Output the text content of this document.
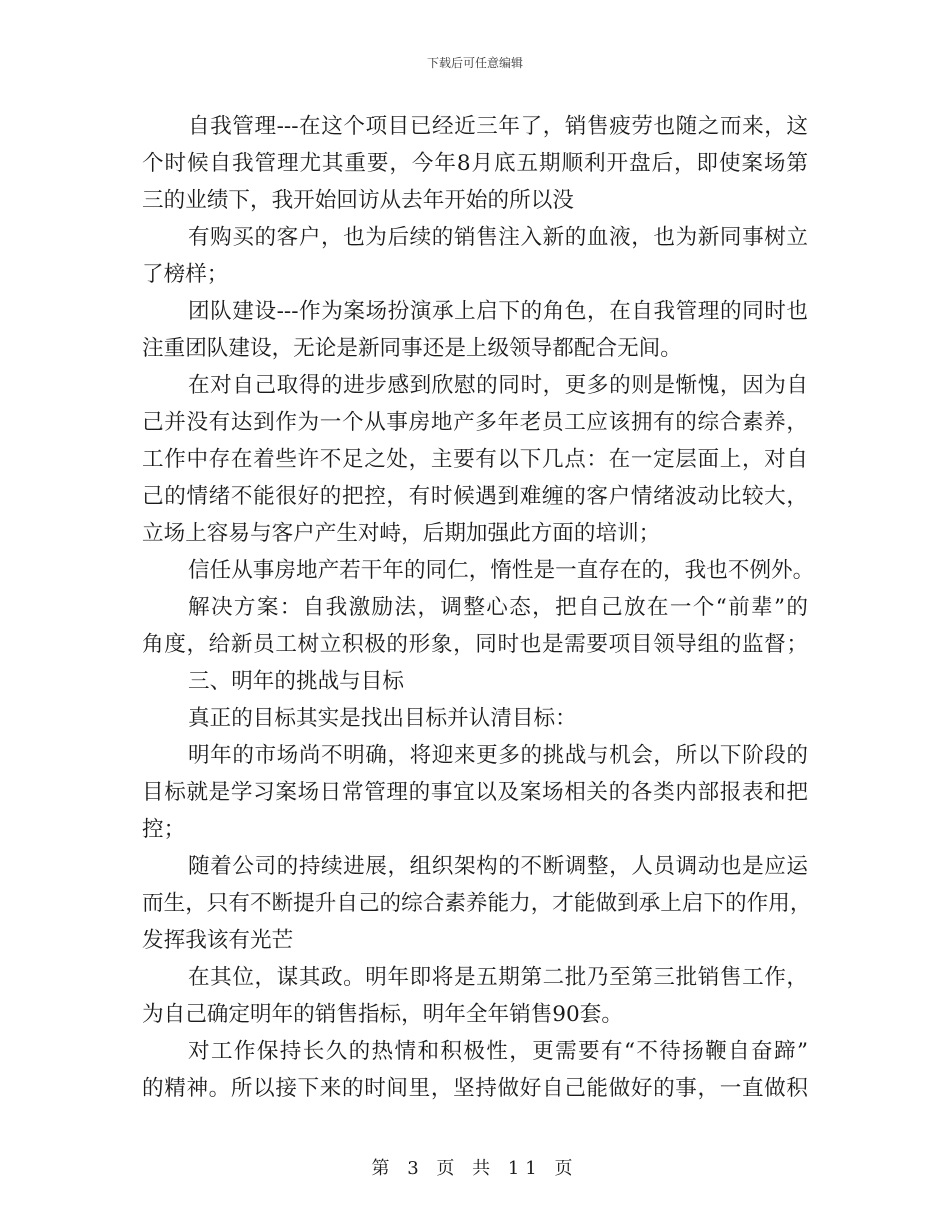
下载后可任意编辑
自我管理---在这个项目已经近三年了，销售疲劳也随之而来，这
个时候自我管理尤其重要，今年8月底五期顺利开盘后，即使案场第
三的业绩下，我开始回访从去年开始的所以没
有购买的客户，也为后续的销售注入新的血液，也为新同事树立
了榜样；
团队建设---作为案场扮演承上启下的角色，在自我管理的同时也
注重团队建设，无论是新同事还是上级领导都配合无间。
在对自己取得的进步感到欣慰的同时，更多的则是惭愧，因为自
己并没有达到作为一个从事房地产多年老员工应该拥有的综合素养，
工作中存在着些许不足之处，主要有以下几点：在一定层面上，对自
己的情绪不能很好的把控，有时候遇到难缠的客户情绪波动比较大，
立场上容易与客户产生对峙，后期加强此方面的培训；
信任从事房地产若干年的同仁，惰性是一直存在的，我也不例外。
解决方案：自我激励法，调整心态，把自己放在一个“前辈”的
角度，给新员工树立积极的形象，同时也是需要项目领导组的监督；
三、明年的挑战与目标
真正的目标其实是找出目标并认清目标：
明年的市场尚不明确，将迎来更多的挑战与机会，所以下阶段的
目标就是学习案场日常管理的事宜以及案场相关的各类内部报表和把
控；
随着公司的持续进展，组织架构的不断调整，人员调动也是应运
而生，只有不断提升自己的综合素养能力，才能做到承上启下的作用，
发挥我该有光芒
在其位，谋其政。明年即将是五期第二批乃至第三批销售工作，
为自己确定明年的销售指标，明年全年销售90套。
对工作保持长久的热情和积极性，更需要有“不待扬鞭自奋蹄”
的精神。所以接下来的时间里，坚持做好自己能做好的事，一直做积
第 3 页 共 11 页
